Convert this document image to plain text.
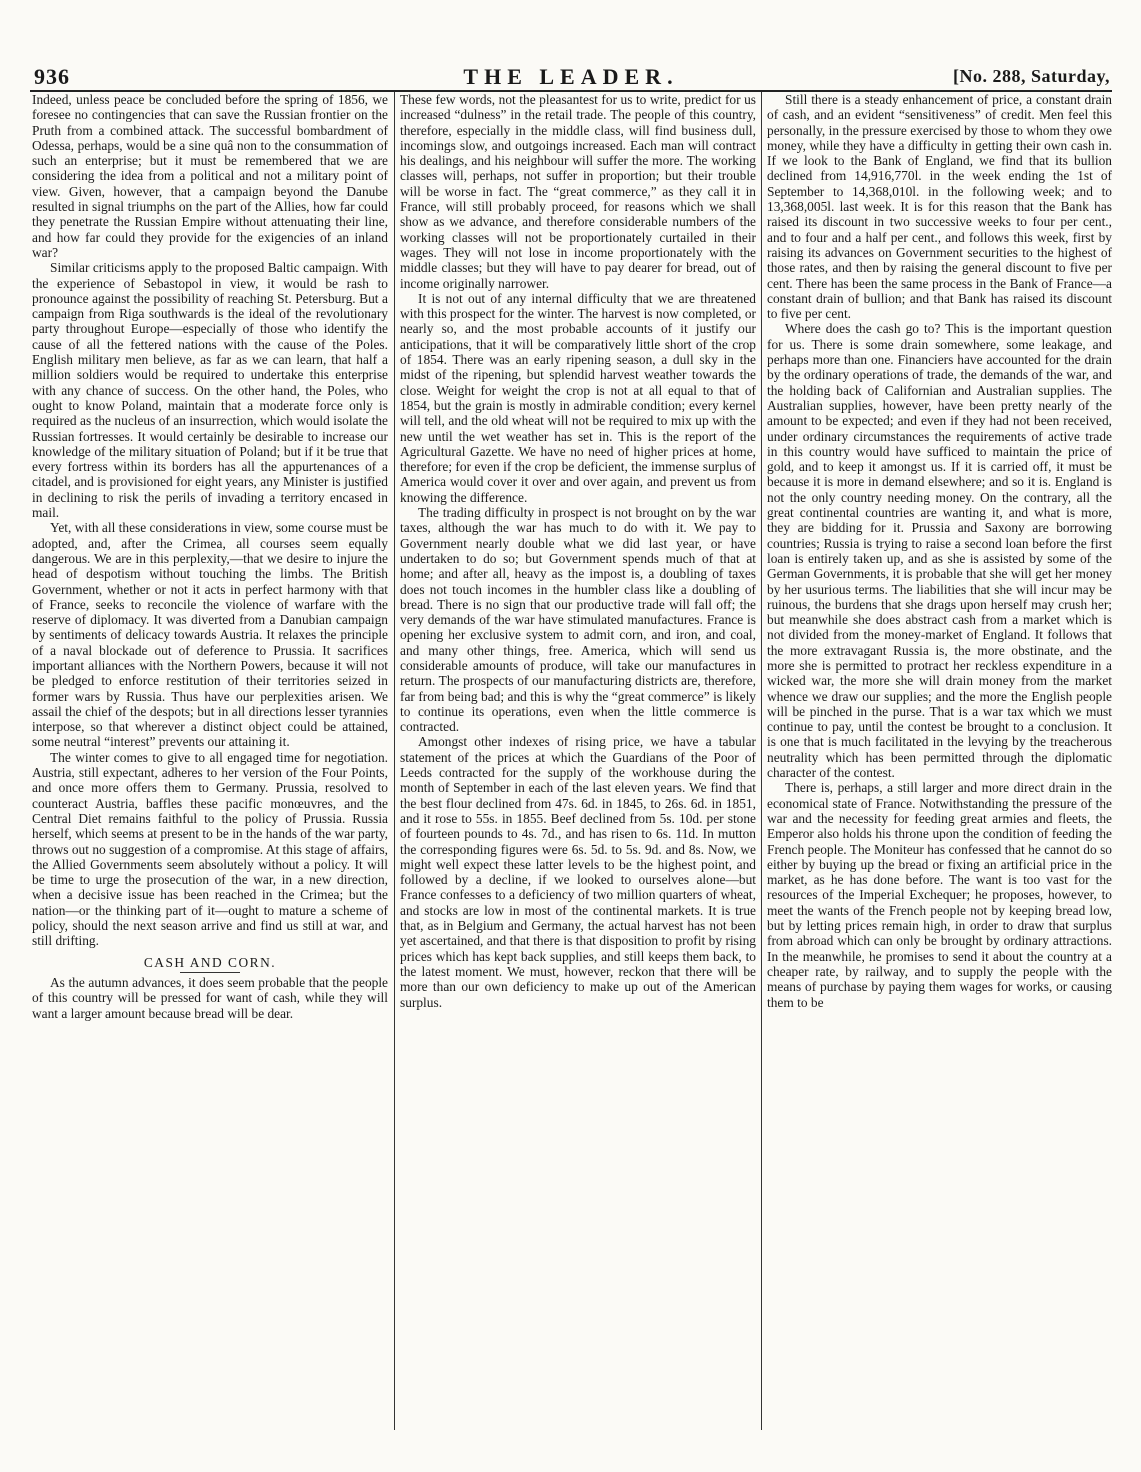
936	THE LEADER.	[No. 288, Saturday,

Indeed, unless peace be concluded before the spring of 1856, we foresee no contingencies that can save the Russian frontier on the Pruth from a combined attack. The successful bombardment of Odessa, perhaps, would be a sine quâ non to the consummation of such an enterprise; but it must be remembered that we are considering the idea from a political and not a military point of view. Given, however, that a campaign beyond the Danube resulted in signal triumphs on the part of the Allies, how far could they penetrate the Russian Empire without attenuating their line, and how far could they provide for the exigencies of an inland war?

Similar criticisms apply to the proposed Baltic campaign. With the experience of Sebastopol in view, it would be rash to pronounce against the possibility of reaching St. Petersburg. But a campaign from Riga southwards is the ideal of the revolutionary party throughout Europe—especially of those who identify the cause of all the fettered nations with the cause of the Poles. English military men believe, as far as we can learn, that half a million soldiers would be required to undertake this enterprise with any chance of success. On the other hand, the Poles, who ought to know Poland, maintain that a moderate force only is required as the nucleus of an insurrection, which would isolate the Russian fortresses. It would certainly be desirable to increase our knowledge of the military situation of Poland; but if it be true that every fortress within its borders has all the appurtenances of a citadel, and is provisioned for eight years, any Minister is justified in declining to risk the perils of invading a territory encased in mail.

Yet, with all these considerations in view, some course must be adopted, and, after the Crimea, all courses seem equally dangerous. We are in this perplexity,—that we desire to injure the head of despotism without touching the limbs. The British Government, whether or not it acts in perfect harmony with that of France, seeks to reconcile the violence of warfare with the reserve of diplomacy. It was diverted from a Danubian campaign by sentiments of delicacy towards Austria. It relaxes the principle of a naval blockade out of deference to Prussia. It sacrifices important alliances with the Northern Powers, because it will not be pledged to enforce restitution of their territories seized in former wars by Russia. Thus have our perplexities arisen. We assail the chief of the despots; but in all directions lesser tyrannies interpose, so that wherever a distinct object could be attained, some neutral “interest” prevents our attaining it.

The winter comes to give to all engaged time for negotiation. Austria, still expectant, adheres to her version of the Four Points, and once more offers them to Germany. Prussia, resolved to counteract Austria, baffles these pacific monœuvres, and the Central Diet remains faithful to the policy of Prussia. Russia herself, which seems at present to be in the hands of the war party, throws out no suggestion of a compromise. At this stage of affairs, the Allied Governments seem absolutely without a policy. It will be time to urge the prosecution of the war, in a new direction, when a decisive issue has been reached in the Crimea; but the nation—or the thinking part of it—ought to mature a scheme of policy, should the next season arrive and find us still at war, and still drifting.

CASH AND CORN.

As the autumn advances, it does seem probable that the people of this country will be pressed for want of cash, while they will want a larger amount because bread will be dear.

These few words, not the pleasantest for us to write, predict for us increased “dulness” in the retail trade. The people of this country, therefore, especially in the middle class, will find business dull, incomings slow, and outgoings increased. Each man will contract his dealings, and his neighbour will suffer the more. The working classes will, perhaps, not suffer in proportion; but their trouble will be worse in fact. The “great commerce,” as they call it in France, will still probably proceed, for reasons which we shall show as we advance, and therefore considerable numbers of the working classes will not be proportionately curtailed in their wages. They will not lose in income proportionately with the middle classes; but they will have to pay dearer for bread, out of income originally narrower.

It is not out of any internal difficulty that we are threatened with this prospect for the winter. The harvest is now completed, or nearly so, and the most probable accounts of it justify our anticipations, that it will be comparatively little short of the crop of 1854. There was an early ripening season, a dull sky in the midst of the ripening, but splendid harvest weather towards the close. Weight for weight the crop is not at all equal to that of 1854, but the grain is mostly in admirable condition; every kernel will tell, and the old wheat will not be required to mix up with the new until the wet weather has set in. This is the report of the Agricultural Gazette. We have no need of higher prices at home, therefore; for even if the crop be deficient, the immense surplus of America would cover it over and over again, and prevent us from knowing the difference.

The trading difficulty in prospect is not brought on by the war taxes, although the war has much to do with it. We pay to Government nearly double what we did last year, or have undertaken to do so; but Government spends much of that at home; and after all, heavy as the impost is, a doubling of taxes does not touch incomes in the humbler class like a doubling of bread. There is no sign that our productive trade will fall off; the very demands of the war have stimulated manufactures. France is opening her exclusive system to admit corn, and iron, and coal, and many other things, free. America, which will send us considerable amounts of produce, will take our manufactures in return. The prospects of our manufacturing districts are, therefore, far from being bad; and this is why the “great commerce” is likely to continue its operations, even when the little commerce is contracted.

Amongst other indexes of rising price, we have a tabular statement of the prices at which the Guardians of the Poor of Leeds contracted for the supply of the workhouse during the month of September in each of the last eleven years. We find that the best flour declined from 47s. 6d. in 1845, to 26s. 6d. in 1851, and it rose to 55s. in 1855. Beef declined from 5s. 10d. per stone of fourteen pounds to 4s. 7d., and has risen to 6s. 11d. In mutton the corresponding figures were 6s. 5d. to 5s. 9d. and 8s. Now, we might well expect these latter levels to be the highest point, and followed by a decline, if we looked to ourselves alone—but France confesses to a deficiency of two million quarters of wheat, and stocks are low in most of the continental markets. It is true that, as in Belgium and Germany, the actual harvest has not been yet ascertained, and that there is that disposition to profit by rising prices which has kept back supplies, and still keeps them back, to the latest moment. We must, however, reckon that there will be more than our own deficiency to make up out of the American surplus.

Still there is a steady enhancement of price, a constant drain of cash, and an evident “sensitiveness” of credit. Men feel this personally, in the pressure exercised by those to whom they owe money, while they have a difficulty in getting their own cash in. If we look to the Bank of England, we find that its bullion declined from 14,916,770l. in the week ending the 1st of September to 14,368,010l. in the following week; and to 13,368,005l. last week. It is for this reason that the Bank has raised its discount in two successive weeks to four per cent., and to four and a half per cent., and follows this week, first by raising its advances on Government securities to the highest of those rates, and then by raising the general discount to five per cent. There has been the same process in the Bank of France—a constant drain of bullion; and that Bank has raised its discount to five per cent.

Where does the cash go to? This is the important question for us. There is some drain somewhere, some leakage, and perhaps more than one. Financiers have accounted for the drain by the ordinary operations of trade, the demands of the war, and the holding back of Californian and Australian supplies. The Australian supplies, however, have been pretty nearly of the amount to be expected; and even if they had not been received, under ordinary circumstances the requirements of active trade in this country would have sufficed to maintain the price of gold, and to keep it amongst us. If it is carried off, it must be because it is more in demand elsewhere; and so it is. England is not the only country needing money. On the contrary, all the great continental countries are wanting it, and what is more, they are bidding for it. Prussia and Saxony are borrowing countries; Russia is trying to raise a second loan before the first loan is entirely taken up, and as she is assisted by some of the German Governments, it is probable that she will get her money by her usurious terms. The liabilities that she will incur may be ruinous, the burdens that she drags upon herself may crush her; but meanwhile she does abstract cash from a market which is not divided from the money-market of England. It follows that the more extravagant Russia is, the more obstinate, and the more she is permitted to protract her reckless expenditure in a wicked war, the more she will drain money from the market whence we draw our supplies; and the more the English people will be pinched in the purse. That is a war tax which we must continue to pay, until the contest be brought to a conclusion. It is one that is much facilitated in the levying by the treacherous neutrality which has been permitted through the diplomatic character of the contest.

There is, perhaps, a still larger and more direct drain in the economical state of France. Notwithstanding the pressure of the war and the necessity for feeding great armies and fleets, the Emperor also holds his throne upon the condition of feeding the French people. The Moniteur has confessed that he cannot do so either by buying up the bread or fixing an artificial price in the market, as he has done before. The want is too vast for the resources of the Imperial Exchequer; he proposes, however, to meet the wants of the French people not by keeping bread low, but by letting prices remain high, in order to draw that surplus from abroad which can only be brought by ordinary attractions. In the meanwhile, he promises to send it about the country at a cheaper rate, by railway, and to supply the people with the means of purchase by paying them wages for works, or causing them to be
